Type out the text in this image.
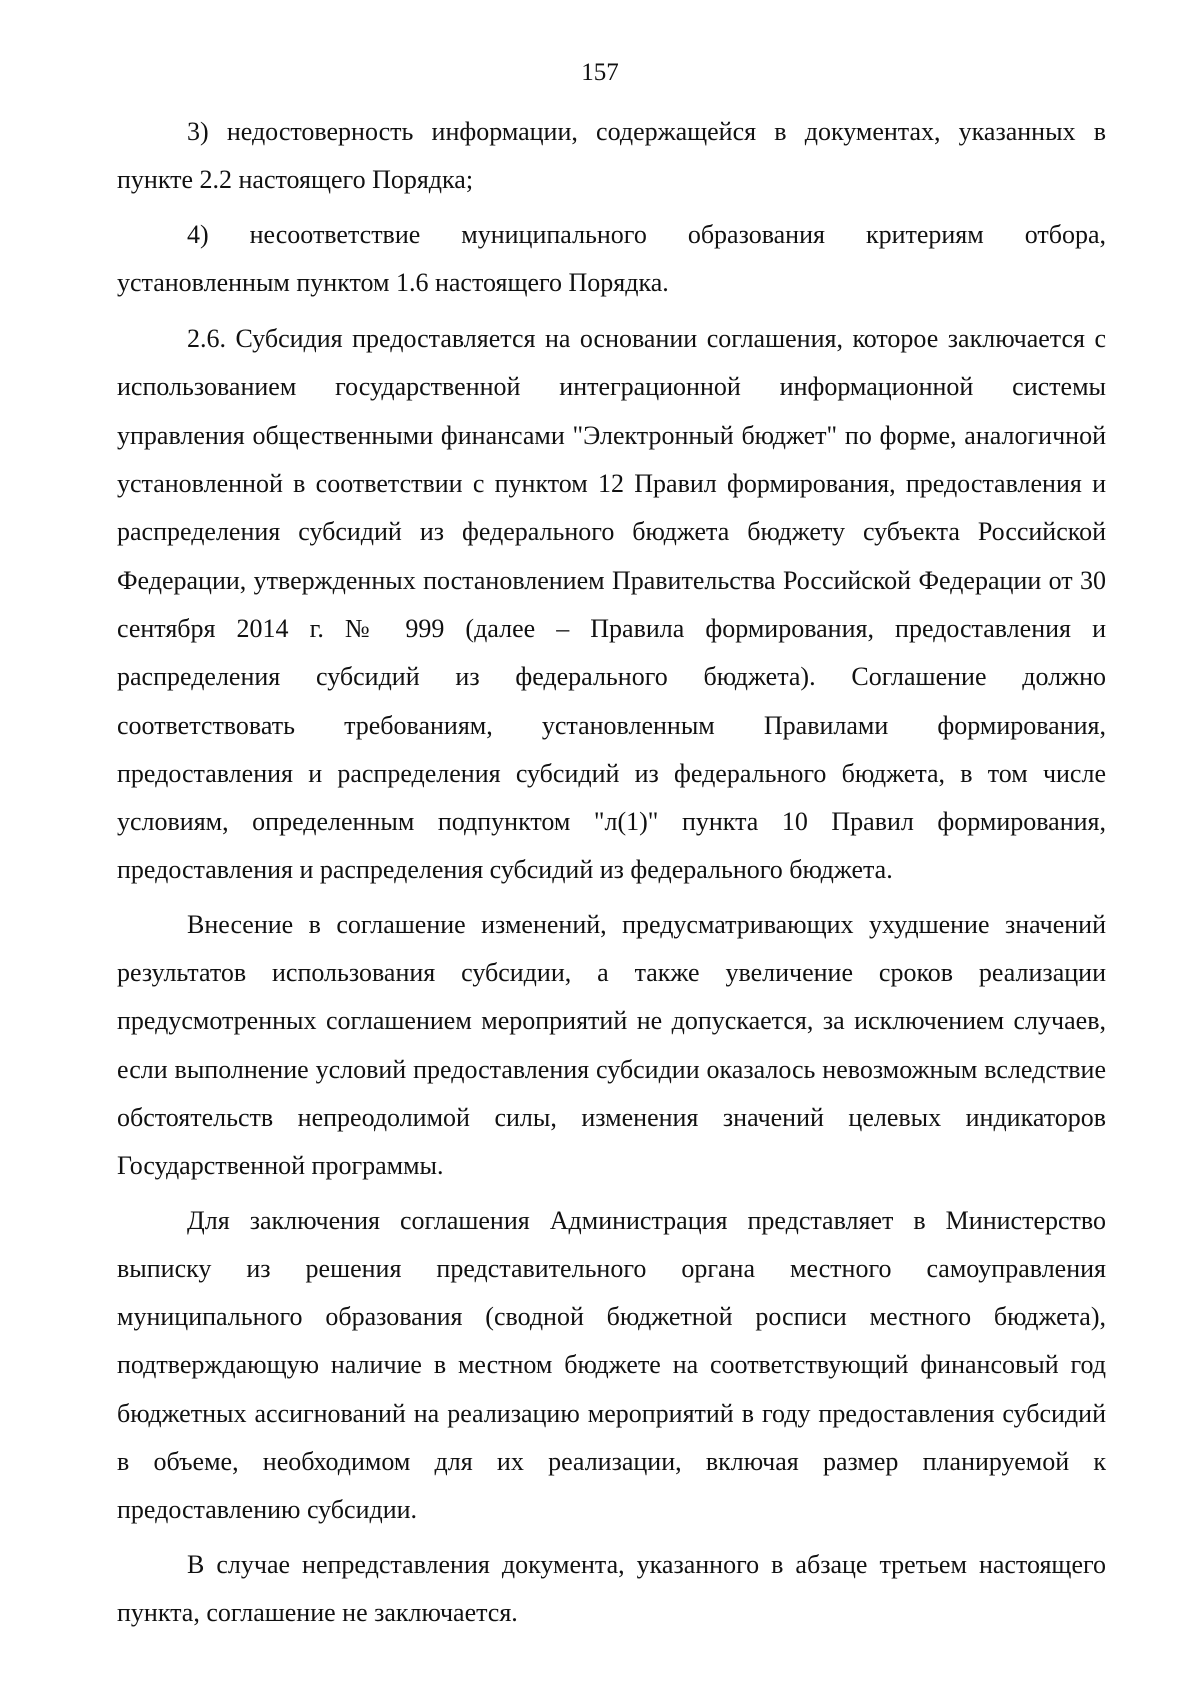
157

3) недостоверность информации, содержащейся в документах, указанных в пункте 2.2 настоящего Порядка;

4) несоответствие муниципального образования критериям отбора, установленным пунктом 1.6 настоящего Порядка.

2.6. Субсидия предоставляется на основании соглашения, которое заключается с использованием государственной интеграционной информационной системы управления общественными финансами "Электронный бюджет" по форме, аналогичной установленной в соответствии с пунктом 12 Правил формирования, предоставления и распределения субсидий из федерального бюджета бюджету субъекта Российской Федерации, утвержденных постановлением Правительства Российской Федерации от 30 сентября 2014 г. № 999 (далее – Правила формирования, предоставления и распределения субсидий из федерального бюджета). Соглашение должно соответствовать требованиям, установленным Правилами формирования, предоставления и распределения субсидий из федерального бюджета, в том числе условиям, определенным подпунктом "л(1)" пункта 10 Правил формирования, предоставления и распределения субсидий из федерального бюджета.

Внесение в соглашение изменений, предусматривающих ухудшение значений результатов использования субсидии, а также увеличение сроков реализации предусмотренных соглашением мероприятий не допускается, за исключением случаев, если выполнение условий предоставления субсидии оказалось невозможным вследствие обстоятельств непреодолимой силы, изменения значений целевых индикаторов Государственной программы.

Для заключения соглашения Администрация представляет в Министерство выписку из решения представительного органа местного самоуправления муниципального образования (сводной бюджетной росписи местного бюджета), подтверждающую наличие в местном бюджете на соответствующий финансовый год бюджетных ассигнований на реализацию мероприятий в году предоставления субсидий в объеме, необходимом для их реализации, включая размер планируемой к предоставлению субсидии.

В случае непредставления документа, указанного в абзаце третьем настоящего пункта, соглашение не заключается.
